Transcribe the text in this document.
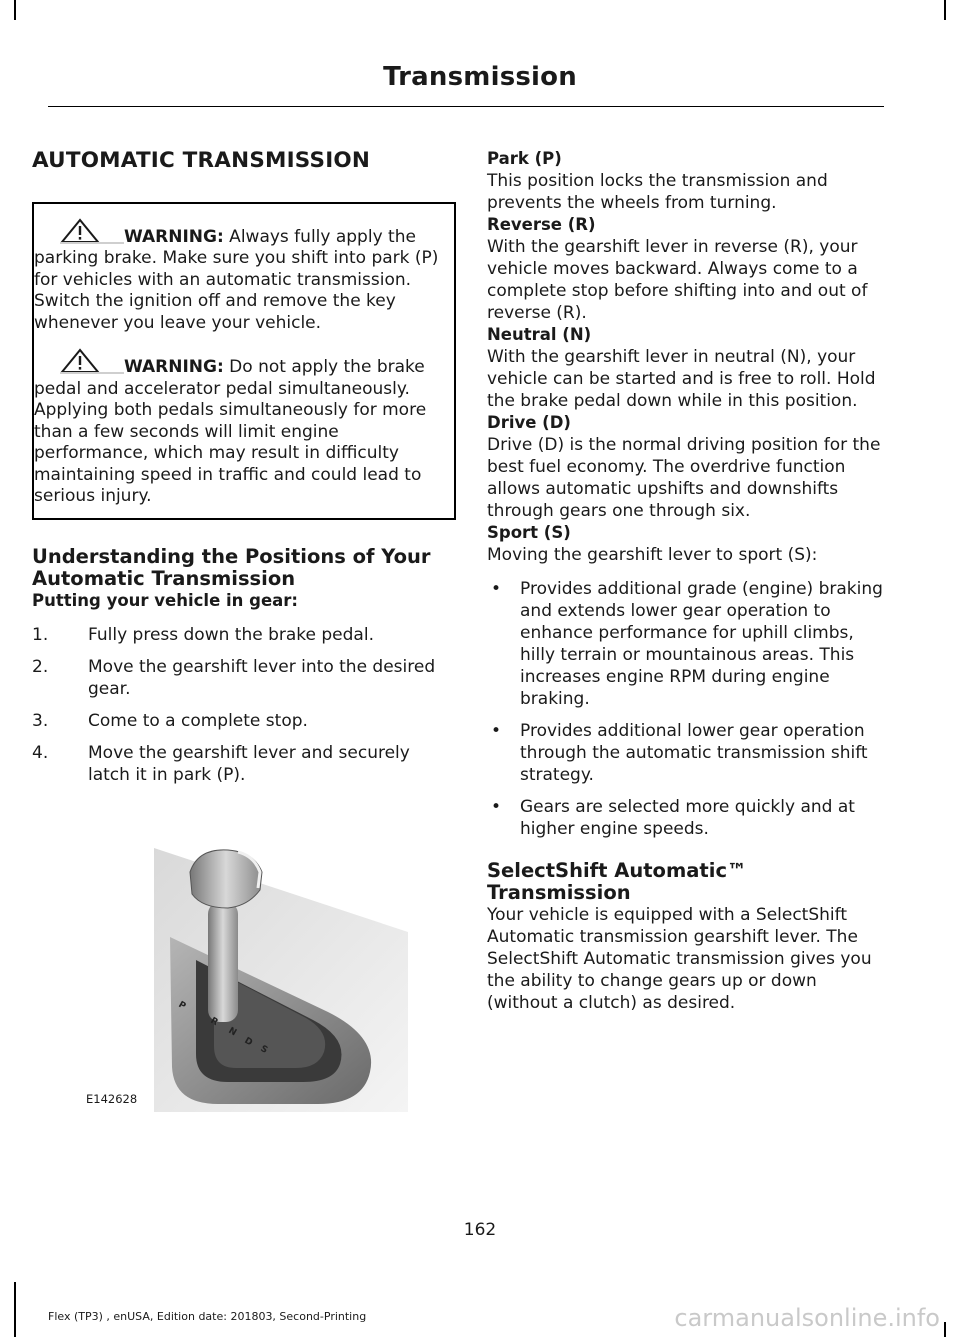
Transmission
AUTOMATIC TRANSMISSION

WARNING: Always fully apply the parking brake. Make sure you shift into park (P) for vehicles with an automatic transmission. Switch the ignition off and remove the key whenever you leave your vehicle.

WARNING: Do not apply the brake pedal and accelerator pedal simultaneously. Applying both pedals simultaneously for more than a few seconds will limit engine performance, which may result in difficulty maintaining speed in traffic and could lead to serious injury.

Understanding the Positions of Your Automatic Transmission
Putting your vehicle in gear:
1. Fully press down the brake pedal.
2. Move the gearshift lever into the desired gear.
3. Come to a complete stop.
4. Move the gearshift lever and securely latch it in park (P).
P
R
N
D
S
E142628
Park (P)

This position locks the transmission and prevents the wheels from turning.

Reverse (R)

With the gearshift lever in reverse (R), your vehicle moves backward. Always come to a complete stop before shifting into and out of reverse (R).

Neutral (N)

With the gearshift lever in neutral (N), your vehicle can be started and is free to roll. Hold the brake pedal down while in this position.

Drive (D)

Drive (D) is the normal driving position for the best fuel economy. The overdrive function allows automatic upshifts and downshifts through gears one through six.

Sport (S)

Moving the gearshift lever to sport (S):

• Provides additional grade (engine) braking and extends lower gear operation to enhance performance for uphill climbs, hilly terrain or mountainous areas. This increases engine RPM during engine braking.
• Provides additional lower gear operation through the automatic transmission shift strategy.
• Gears are selected more quickly and at higher engine speeds.
SelectShift Automatic™ Transmission

Your vehicle is equipped with a SelectShift Automatic transmission gearshift lever. The SelectShift Automatic transmission gives you the ability to change gears up or down (without a clutch) as desired.

162
Flex (TP3) , enUSA, Edition date: 201803, Second-Printing	carmanualsonline.info
